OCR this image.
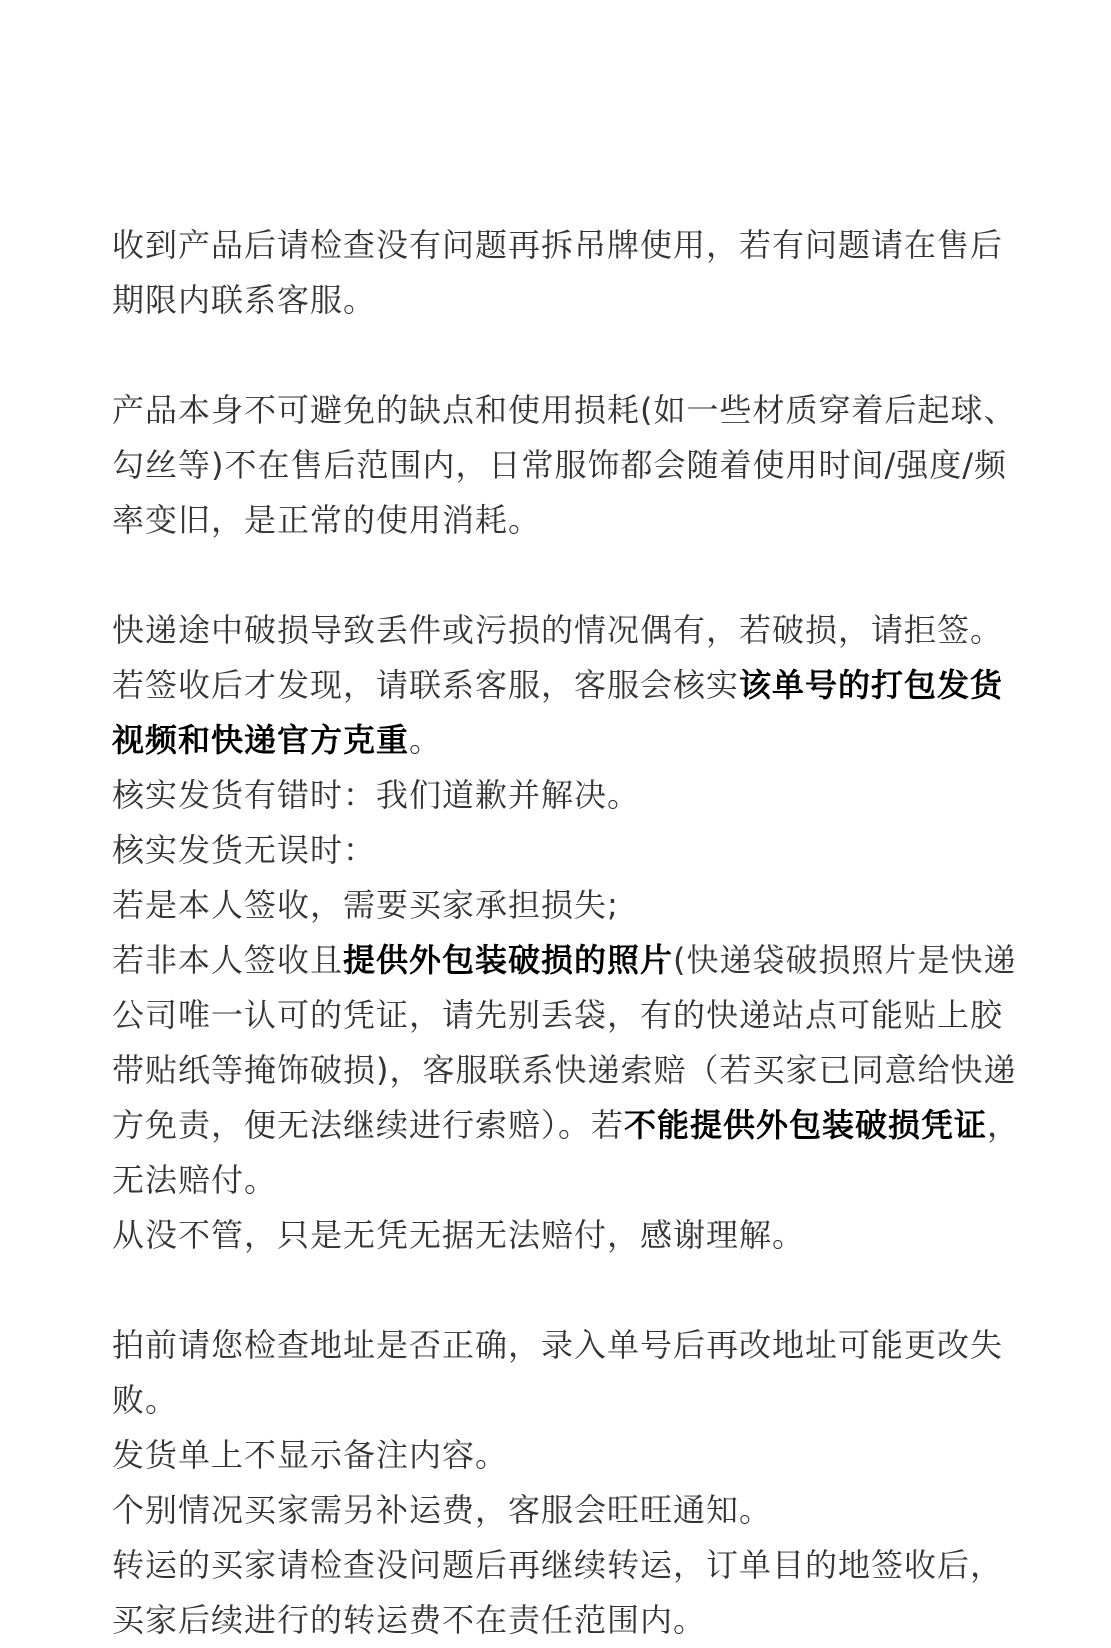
收到产品后请检查没有问题再拆吊牌使用，若有问题请在售后期限内联系客服。

产品本身不可避免的缺点和使用损耗(如一些材质穿着后起球、勾丝等)不在售后范围内，日常服饰都会随着使用时间/强度/频率变旧，是正常的使用消耗。

快递途中破损导致丢件或污损的情况偶有，若破损，请拒签。若签收后才发现，请联系客服，客服会核实该单号的打包发货视频和快递官方克重。

核实发货有错时：我们道歉并解决。

核实发货无误时：

若是本人签收，需要买家承担损失;

若非本人签收且提供外包装破损的照片(快递袋破损照片是快递公司唯一认可的凭证，请先别丢袋，有的快递站点可能贴上胶带贴纸等掩饰破损)，客服联系快递索赔（若买家已同意给快递方免责，便无法继续进行索赔）。若不能提供外包装破损凭证，无法赔付。

从没不管，只是无凭无据无法赔付，感谢理解。

拍前请您检查地址是否正确，录入单号后再改地址可能更改失败。

发货单上不显示备注内容。

个别情况买家需另补运费，客服会旺旺通知。

转运的买家请检查没问题后再继续转运，订单目的地签收后，买家后续进行的转运费不在责任范围内。
